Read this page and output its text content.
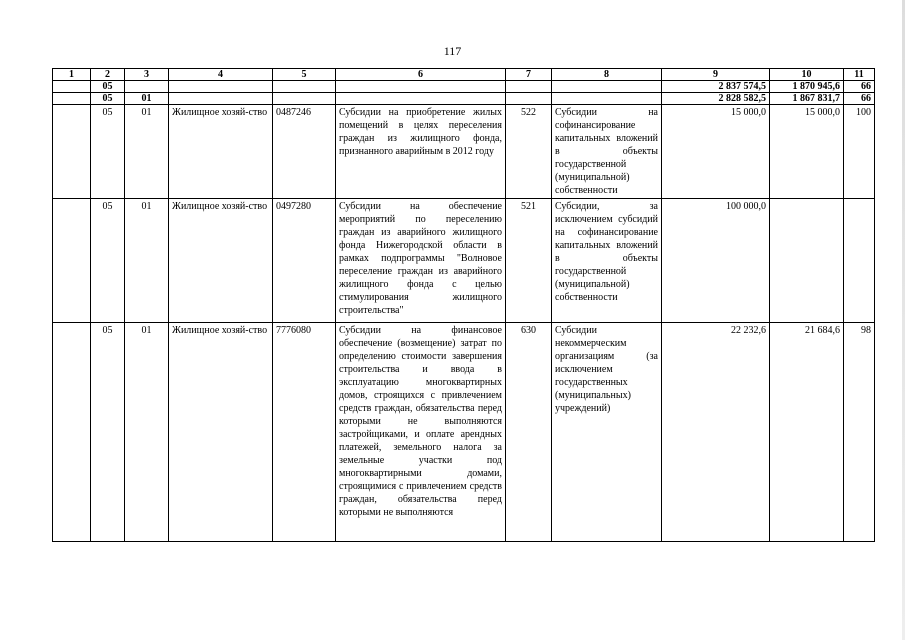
117
1	2	3	4	5	6	7	8	9	10	11
	05							2 837 574,5	1 870 945,6	66
	05	01						2 828 582,5	1 867 831,7	66
	05	01	Жилищное хозяй-ство	0487246	Субсидии на приобретение жилых помещений в целях переселения граждан из жилищного фонда, признанного аварийным в 2012 году	522	Субсидии на софинансирование капитальных вложений в объекты государственной (муниципальной) собственности	15 000,0	15 000,0	100
	05	01	Жилищное хозяй-ство	0497280	Субсидии на обеспечение мероприятий по переселению граждан из аварийного жилищного фонда Нижегородской области в рамках подпрограммы "Волновое переселение граждан из аварийного жилищного фонда с целью стимулирования жилищного строительства"	521	Субсидии, за исключением субсидий на софинансирование капитальных вложений в объекты государственной (муниципальной) собственности	100 000,0		
	05	01	Жилищное хозяй-ство	7776080	Субсидии на финансовое обеспечение (возмещение) затрат по определению стоимости завершения строительства и ввода в эксплуатацию многоквартирных домов, строящихся с привлечением средств граждан, обязательства перед которыми не выполняются застройщиками, и оплате арендных платежей, земельного налога за земельные участки под многоквартирными домами, строящимися с привлечением средств граждан, обязательства перед которыми не выполняются	630	Субсидии некоммерческим организациям (за исключением государственных (муниципальных) учреждений)	22 232,6	21 684,6	98
